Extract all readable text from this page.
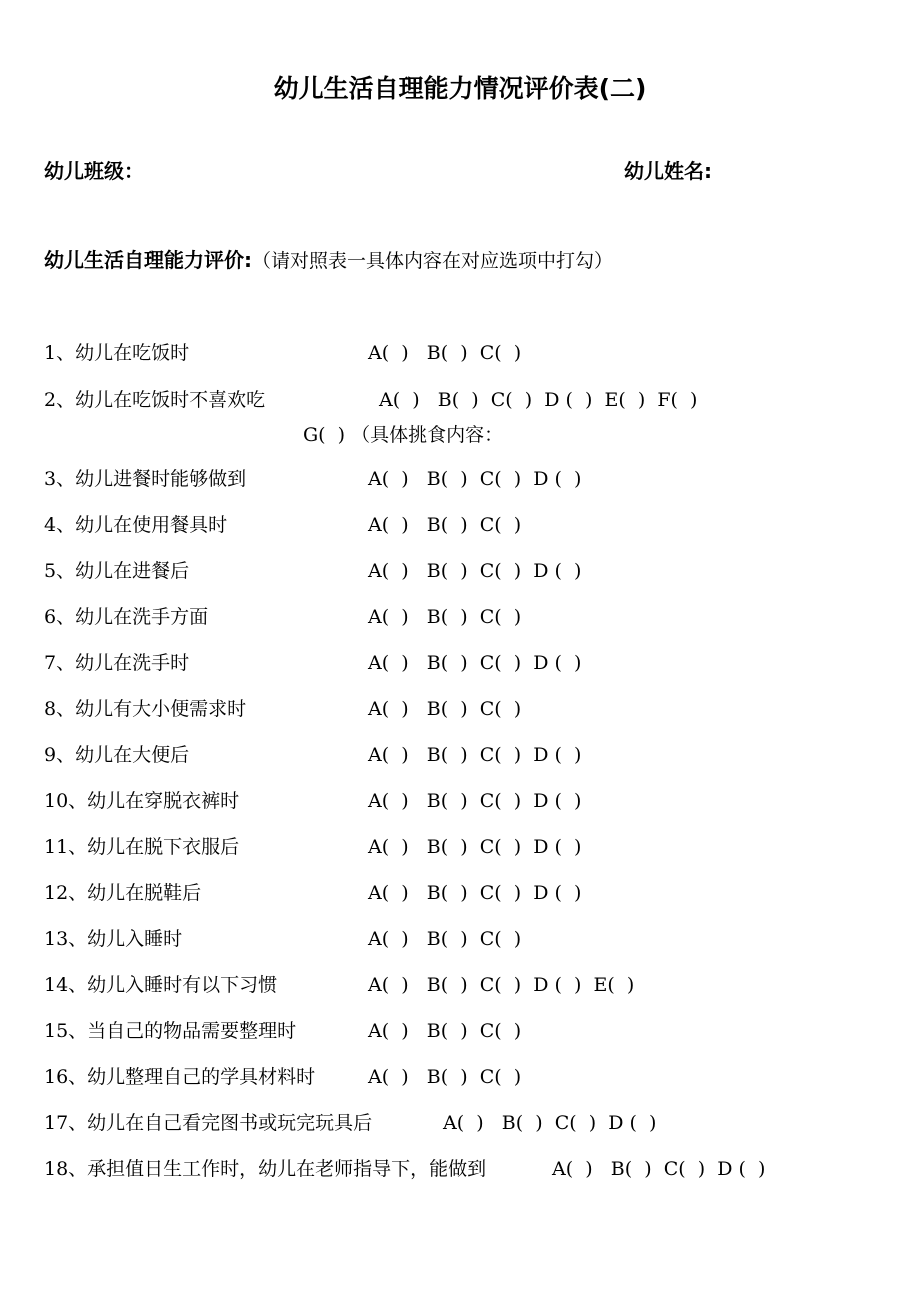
幼儿生活自理能力情况评价表(二)
幼儿班级：	幼儿姓名:
幼儿生活自理能力评价:（请对照表一具体内容在对应选项中打勾）
1、幼儿在吃饭时	A(  )   B(  )  C(  )
2、幼儿在吃饭时不喜欢吃	A(  )   B(  )  C(  )  D (  )  E(  )  F(  )
G(  ) （具体挑食内容：
3、幼儿进餐时能够做到	A(  )   B(  )  C(  )  D (  )
4、幼儿在使用餐具时	A(  )   B(  )  C(  )
5、幼儿在进餐后	A(  )   B(  )  C(  )  D (  )
6、幼儿在洗手方面	A(  )   B(  )  C(  )
7、幼儿在洗手时	A(  )   B(  )  C(  )  D (  )
8、幼儿有大小便需求时	A(  )   B(  )  C(  )
9、幼儿在大便后	A(  )   B(  )  C(  )  D (  )
10、幼儿在穿脱衣裤时	A(  )   B(  )  C(  )  D (  )
11、幼儿在脱下衣服后	A(  )   B(  )  C(  )  D (  )
12、幼儿在脱鞋后	A(  )   B(  )  C(  )  D (  )
13、幼儿入睡时	A(  )   B(  )  C(  )
14、幼儿入睡时有以下习惯	A(  )   B(  )  C(  )  D (  )  E(  )
15、当自己的物品需要整理时	A(  )   B(  )  C(  )
16、幼儿整理自己的学具材料时	A(  )   B(  )  C(  )
17、幼儿在自己看完图书或玩完玩具后	A(  )   B(  )  C(  )  D (  )
18、承担值日生工作时，幼儿在老师指导下，能做到	A(  )   B(  )  C(  )  D (  )
